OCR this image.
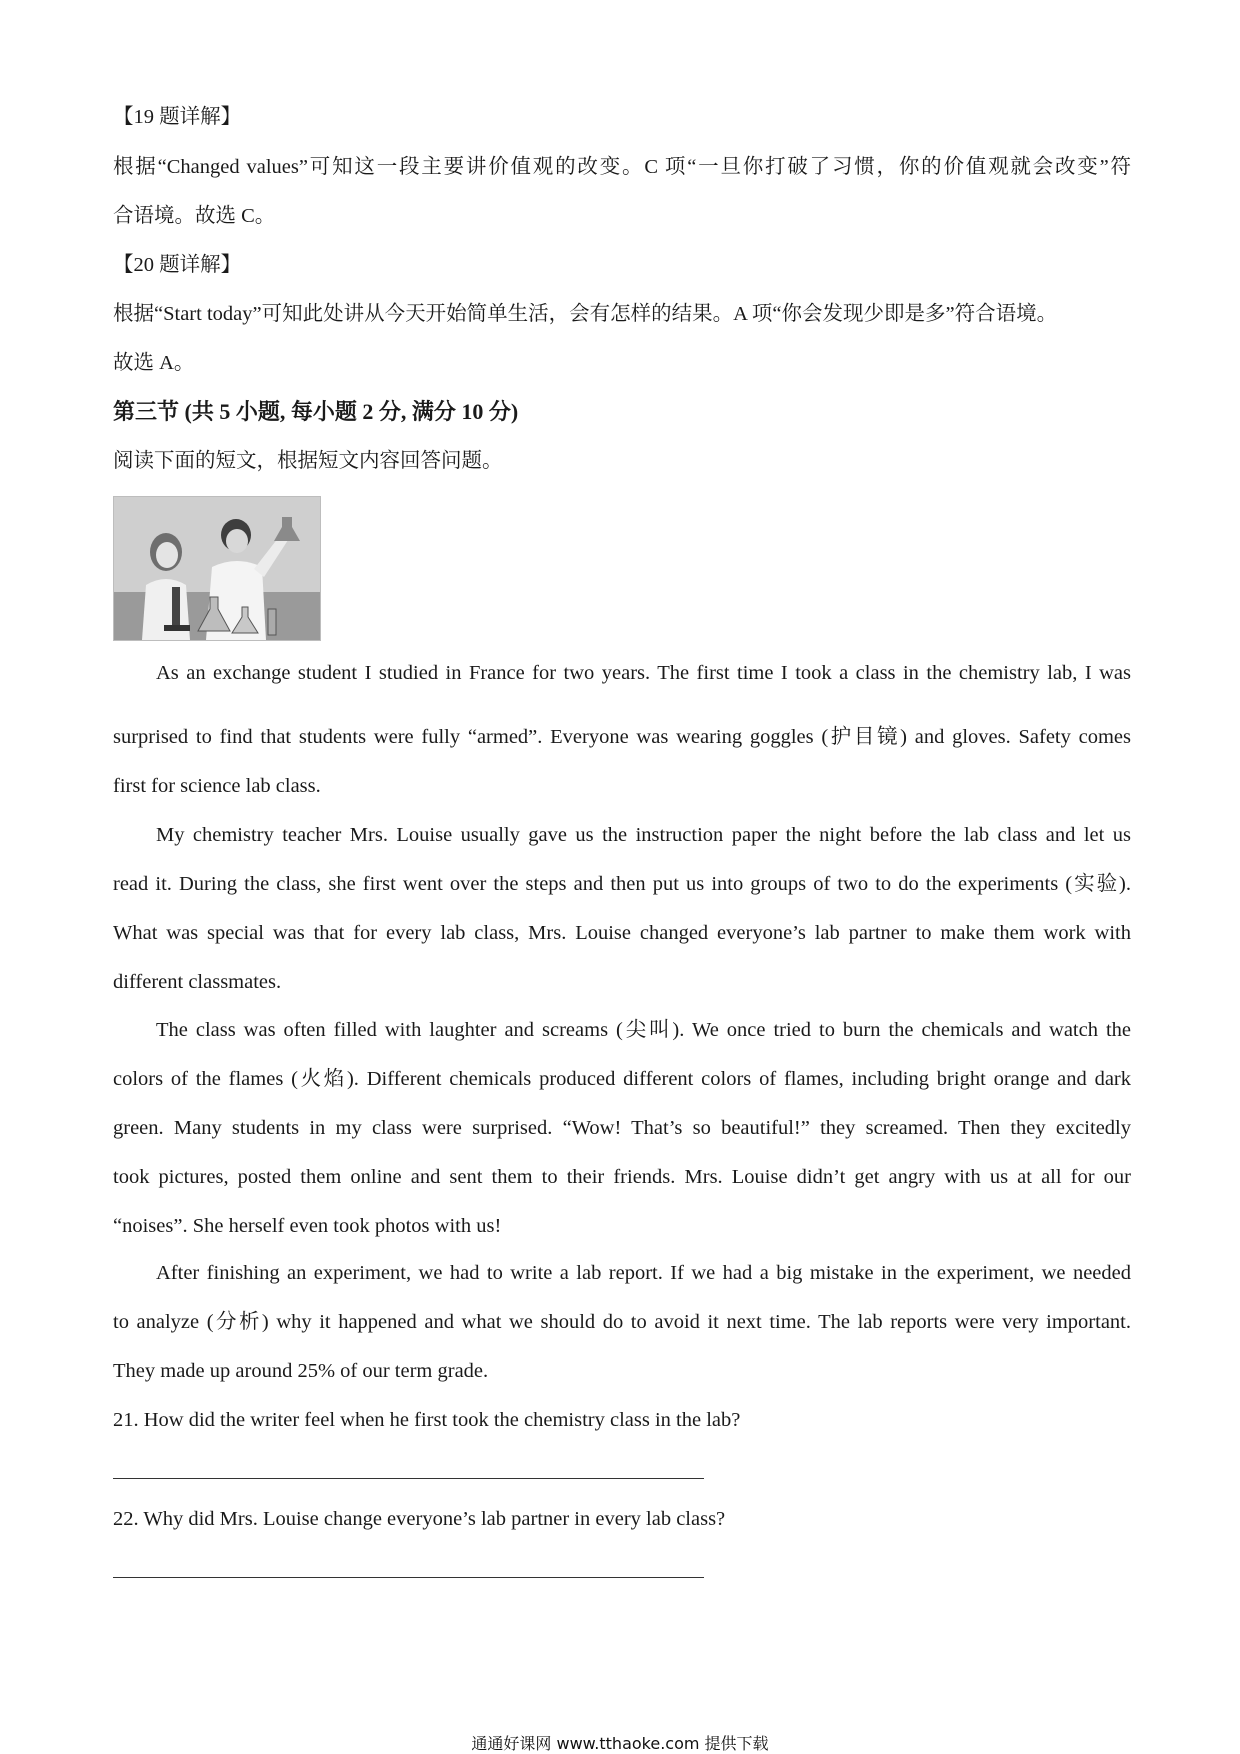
【19 题详解】

根据“Changed values”可知这一段主要讲价值观的改变。C 项“一旦你打破了习惯，你的价值观就会改变”符

合语境。故选 C。
【20 题详解】
根据“Start today”可知此处讲从今天开始简单生活，会有怎样的结果。A 项“你会发现少即是多”符合语境。
故选 A。
第三节 (共 5 小题, 每小题 2 分, 满分 10 分)
阅读下面的短文，根据短文内容回答问题。

As an exchange student I studied in France for two years. The first time I took a class in the chemistry lab, I was

surprised to find that students were fully “armed”. Everyone was wearing goggles (护目镜) and gloves. Safety comes

first for science lab class.

My chemistry teacher Mrs. Louise usually gave us the instruction paper the night before the lab class and let us

read it. During the class, she first went over the steps and then put us into groups of two to do the experiments (实验).

What was special was that for every lab class, Mrs. Louise changed everyone’s lab partner to make them work with

different classmates.

The class was often filled with laughter and screams (尖叫). We once tried to burn the chemicals and watch the

colors of the flames (火焰). Different chemicals produced different colors of flames, including bright orange and dark

green. Many students in my class were surprised. “Wow! That’s so beautiful!” they screamed. Then they excitedly

took pictures, posted them online and sent them to their friends. Mrs. Louise didn’t get angry with us at all for our

“noises”. She herself even took photos with us!

After finishing an experiment, we had to write a lab report. If we had a big mistake in the experiment, we needed

to analyze (分析) why it happened and what we should do to avoid it next time. The lab reports were very important.

They made up around 25% of our term grade.

21. How did the writer feel when he first took the chemistry class in the lab?
22. Why did Mrs. Louise change everyone’s lab partner in every lab class?
通通好课网 www.tthaoke.com 提供下载
